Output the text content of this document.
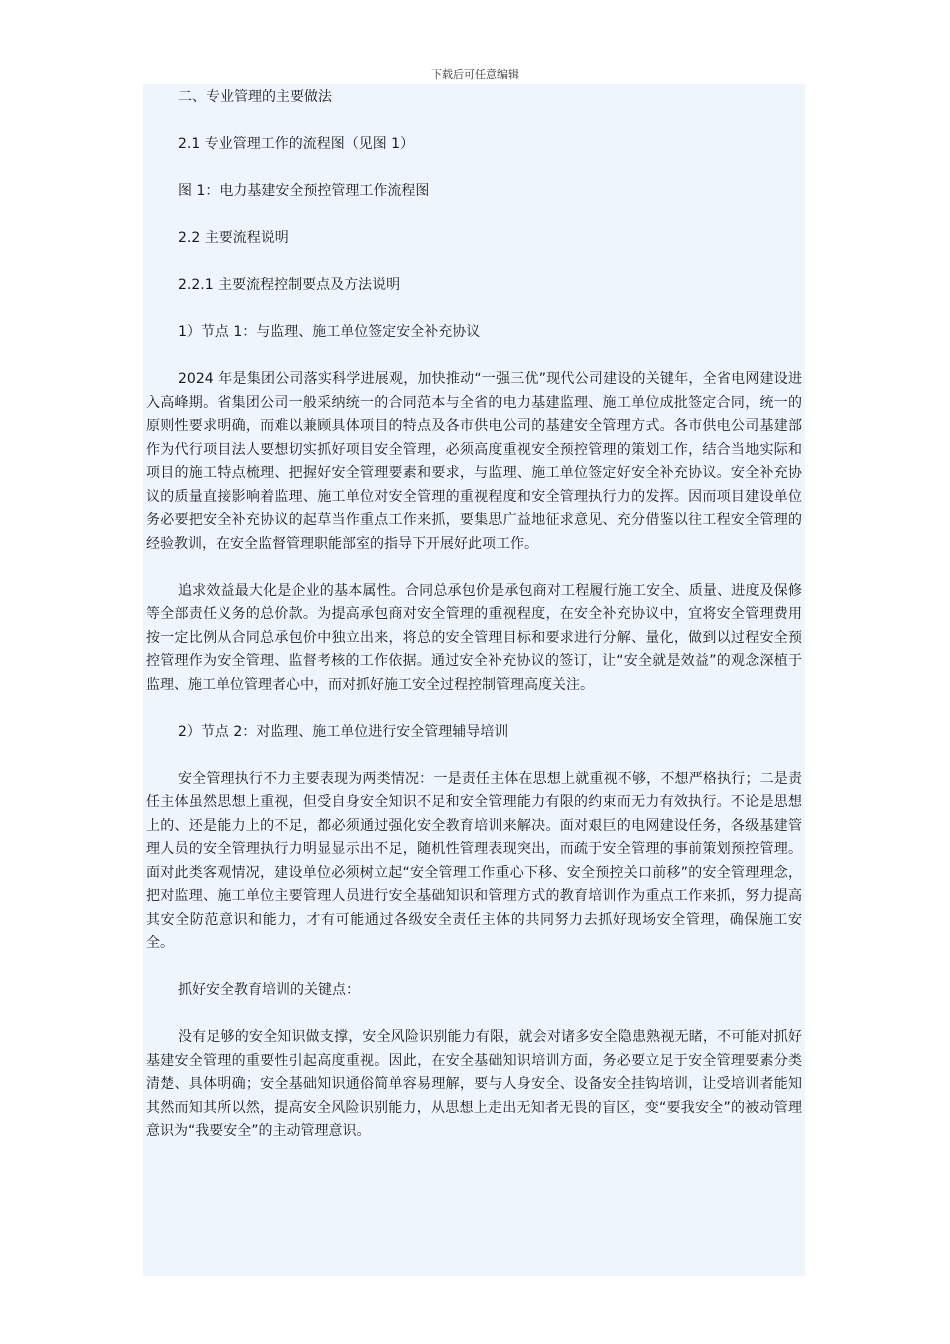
下载后可任意编辑

二、专业管理的主要做法

2.1 专业管理工作的流程图（见图 1）

图 1：电力基建安全预控管理工作流程图

2.2 主要流程说明

2.2.1 主要流程控制要点及方法说明

1）节点 1：与监理、施工单位签定安全补充协议

2024 年是集团公司落实科学进展观，加快推动“一强三优”现代公司建设的关键年，全省电网建设进入高峰期。省集团公司一般采纳统一的合同范本与全省的电力基建监理、施工单位成批签定合同，统一的原则性要求明确，而难以兼顾具体项目的特点及各市供电公司的基建安全管理方式。各市供电公司基建部作为代行项目法人要想切实抓好项目安全管理，必须高度重视安全预控管理的策划工作，结合当地实际和项目的施工特点梳理、把握好安全管理要素和要求，与监理、施工单位签定好安全补充协议。安全补充协议的质量直接影响着监理、施工单位对安全管理的重视程度和安全管理执行力的发挥。因而项目建设单位务必要把安全补充协议的起草当作重点工作来抓，要集思广益地征求意见、充分借鉴以往工程安全管理的经验教训，在安全监督管理职能部室的指导下开展好此项工作。

追求效益最大化是企业的基本属性。合同总承包价是承包商对工程履行施工安全、质量、进度及保修等全部责任义务的总价款。为提高承包商对安全管理的重视程度，在安全补充协议中，宜将安全管理费用按一定比例从合同总承包价中独立出来，将总的安全管理目标和要求进行分解、量化，做到以过程安全预控管理作为安全管理、监督考核的工作依据。通过安全补充协议的签订，让“安全就是效益”的观念深植于监理、施工单位管理者心中，而对抓好施工安全过程控制管理高度关注。

2）节点 2：对监理、施工单位进行安全管理辅导培训

安全管理执行不力主要表现为两类情况：一是责任主体在思想上就重视不够，不想严格执行；二是责任主体虽然思想上重视，但受自身安全知识不足和安全管理能力有限的约束而无力有效执行。不论是思想上的、还是能力上的不足，都必须通过强化安全教育培训来解决。面对艰巨的电网建设任务，各级基建管理人员的安全管理执行力明显显示出不足，随机性管理表现突出，而疏于安全管理的事前策划预控管理。面对此类客观情况，建设单位必须树立起“安全管理工作重心下移、安全预控关口前移”的安全管理理念，把对监理、施工单位主要管理人员进行安全基础知识和管理方式的教育培训作为重点工作来抓，努力提高其安全防范意识和能力，才有可能通过各级安全责任主体的共同努力去抓好现场安全管理，确保施工安全。

抓好安全教育培训的关键点：

没有足够的安全知识做支撑，安全风险识别能力有限，就会对诸多安全隐患熟视无睹，不可能对抓好基建安全管理的重要性引起高度重视。因此，在安全基础知识培训方面，务必要立足于安全管理要素分类清楚、具体明确；安全基础知识通俗简单容易理解，要与人身安全、设备安全挂钩培训，让受培训者能知其然而知其所以然，提高安全风险识别能力，从思想上走出无知者无畏的盲区，变“要我安全”的被动管理意识为“我要安全”的主动管理意识。
